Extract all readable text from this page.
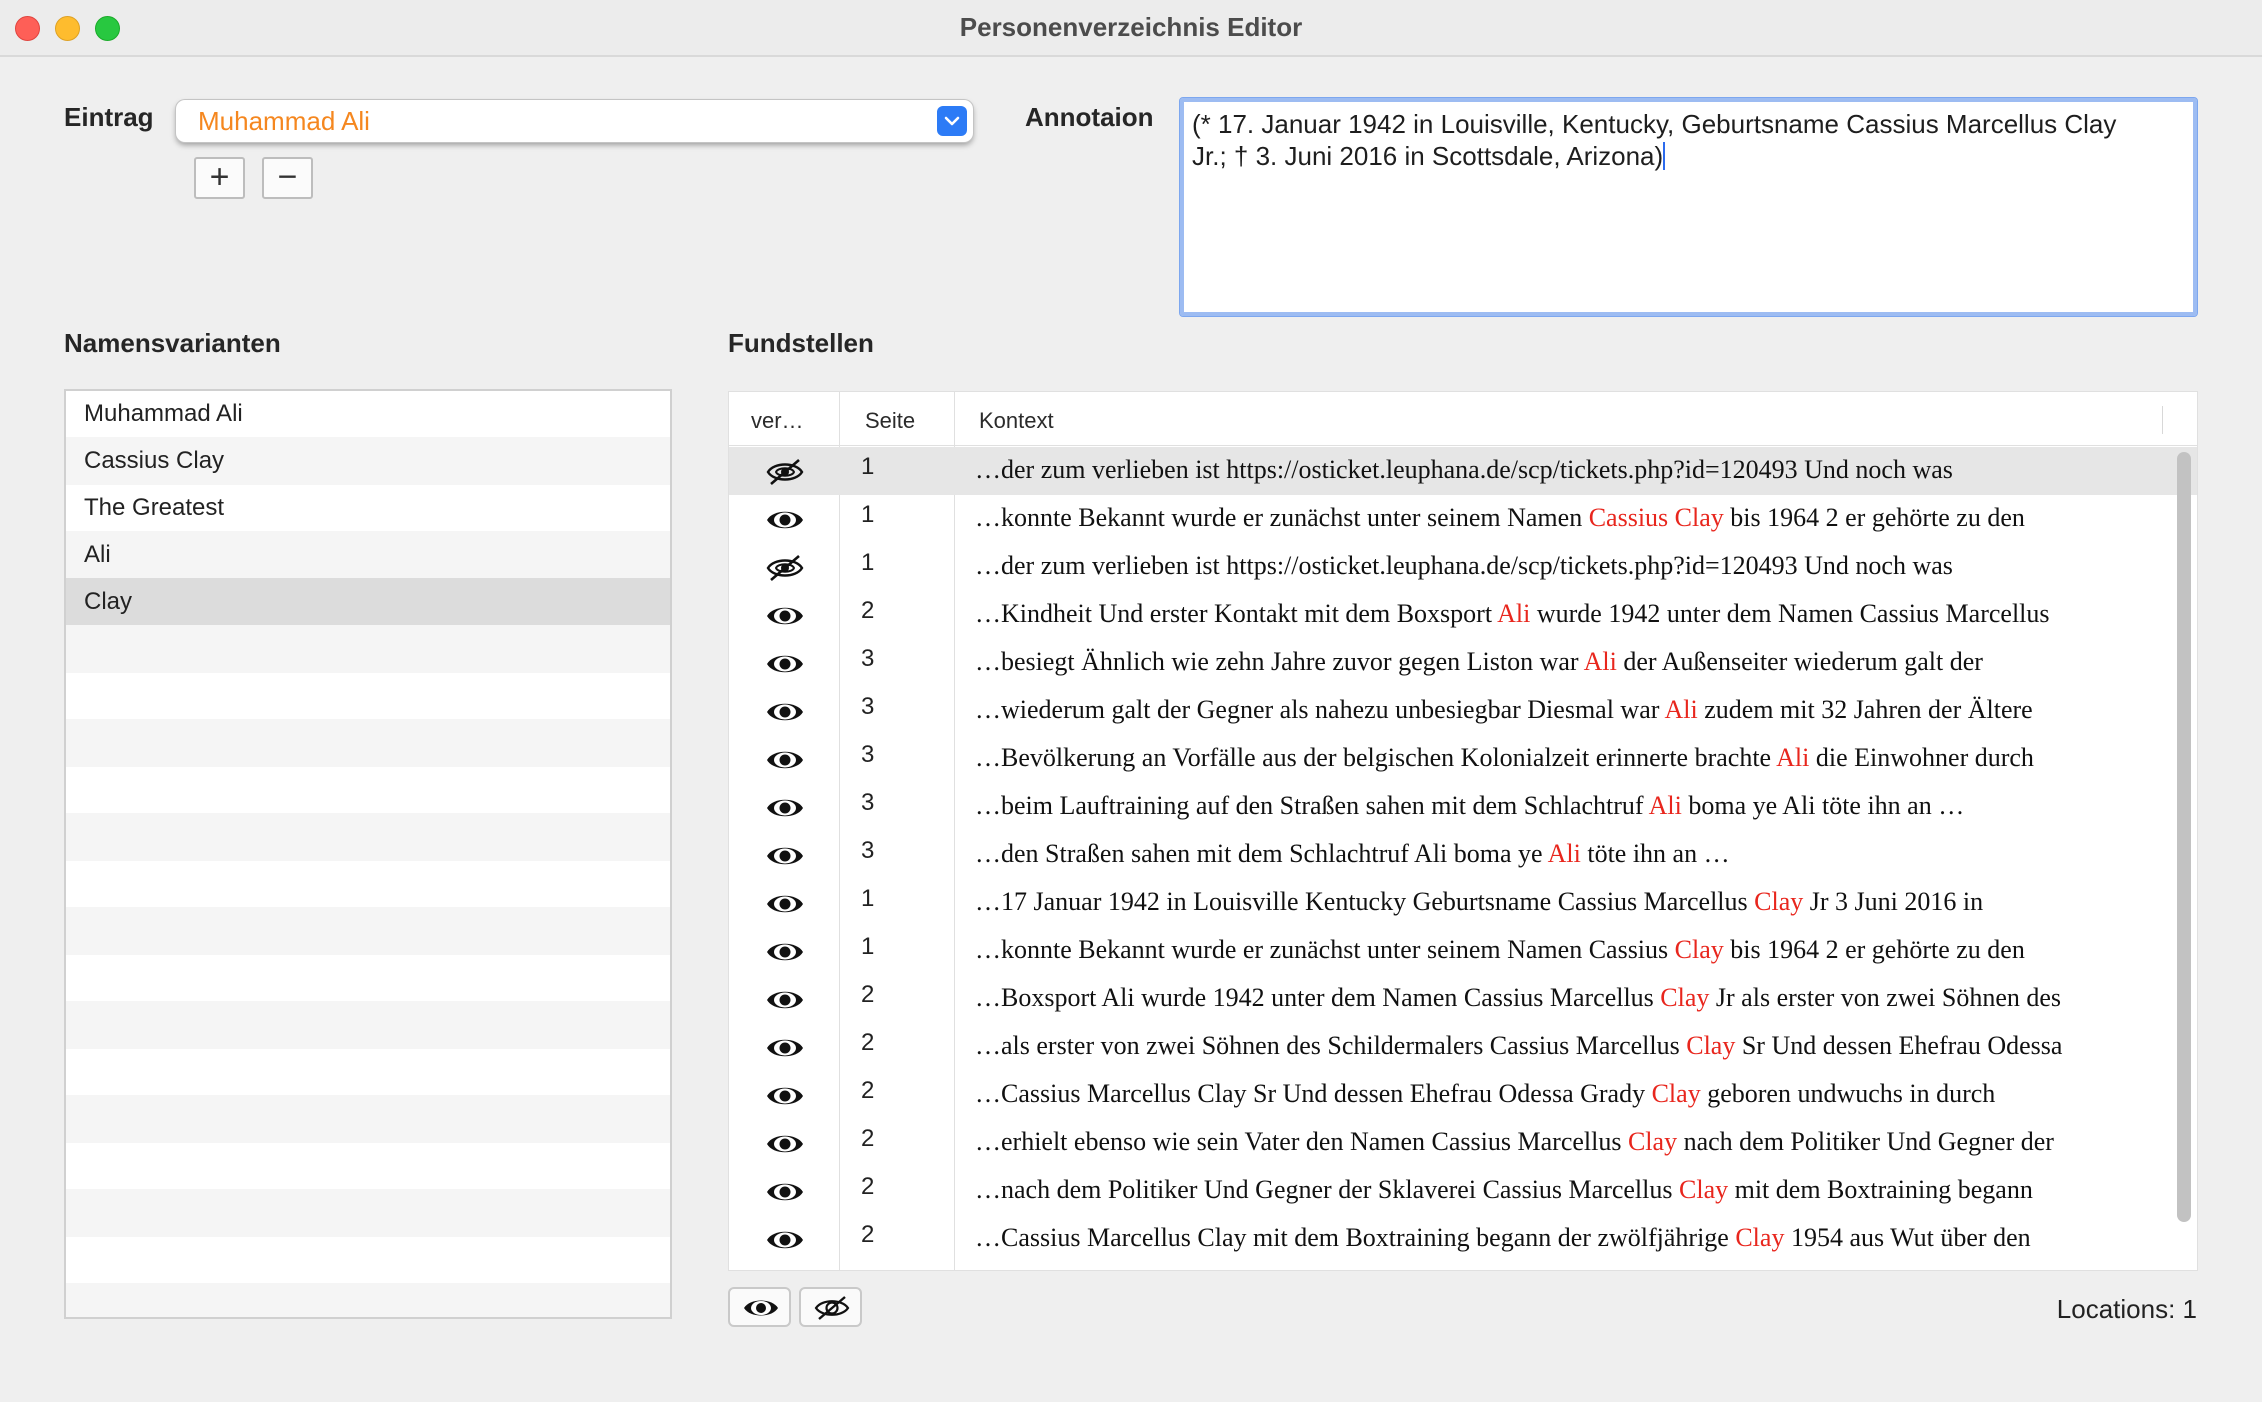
Personenverzeichnis Editor
Eintrag Muhammad Ali
+	−
Annotaion (* 17. Januar 1942 in Louisville, Kentucky, Geburtsname Cassius Marcellus Clay
Jr.; † 3. Juni 2016 in Scottsdale, Arizona)
Namensvarianten
Muhammad Ali
Cassius Clay
The Greatest
Ali
Clay
Fundstellen
ver…	Seite	Kontext
1	…der zum verlieben ist https://osticket.leuphana.de/scp/tickets.php?id=120493 Und noch was
1	…konnte Bekannt wurde er zunächst unter seinem Namen Cassius Clay bis 1964 2 er gehörte zu den
1	…der zum verlieben ist https://osticket.leuphana.de/scp/tickets.php?id=120493 Und noch was
2	…Kindheit Und erster Kontakt mit dem Boxsport Ali wurde 1942 unter dem Namen Cassius Marcellus
3	…besiegt Ähnlich wie zehn Jahre zuvor gegen Liston war Ali der Außenseiter wiederum galt der
3	…wiederum galt der Gegner als nahezu unbesiegbar Diesmal war Ali zudem mit 32 Jahren der Ältere
3	…Bevölkerung an Vorfälle aus der belgischen Kolonialzeit erinnerte brachte Ali die Einwohner durch
3	…beim Lauftraining auf den Straßen sahen mit dem Schlachtruf Ali boma ye Ali töte ihn an …
3	…den Straßen sahen mit dem Schlachtruf Ali boma ye Ali töte ihn an …
1	…17 Januar 1942 in Louisville Kentucky Geburtsname Cassius Marcellus Clay Jr 3 Juni 2016 in
1	…konnte Bekannt wurde er zunächst unter seinem Namen Cassius Clay bis 1964 2 er gehörte zu den
2	…Boxsport Ali wurde 1942 unter dem Namen Cassius Marcellus Clay Jr als erster von zwei Söhnen des
2	…als erster von zwei Söhnen des Schildermalers Cassius Marcellus Clay Sr Und dessen Ehefrau Odessa
2	…Cassius Marcellus Clay Sr Und dessen Ehefrau Odessa Grady Clay geboren undwuchs in durch
2	…erhielt ebenso wie sein Vater den Namen Cassius Marcellus Clay nach dem Politiker Und Gegner der
2	…nach dem Politiker Und Gegner der Sklaverei Cassius Marcellus Clay mit dem Boxtraining begann
2	…Cassius Marcellus Clay mit dem Boxtraining begann der zwölfjährige Clay 1954 aus Wut über den
Locations: 1
